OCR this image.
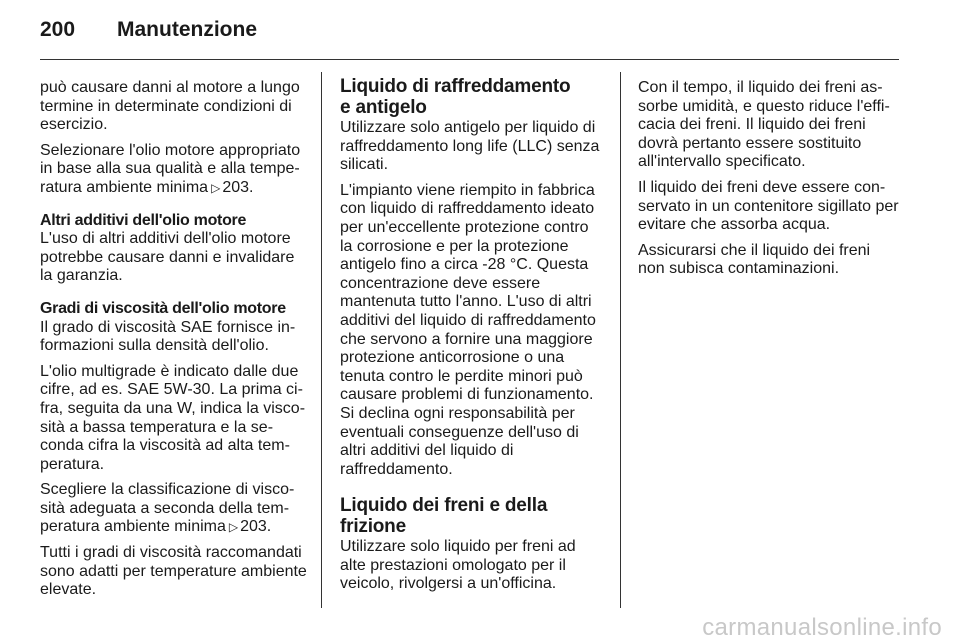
200 Manutenzione

può causare danni al motore a lungo termine in determinate condizioni di esercizio.

Selezionare l'olio motore appropriato in base alla sua qualità e alla temperatura ambiente minima ▷ 203.

Altri additivi dell'olio motore
L'uso di altri additivi dell'olio motore potrebbe causare danni e invalidare la garanzia.

Gradi di viscosità dell'olio motore
Il grado di viscosità SAE fornisce informazioni sulla densità dell'olio.

L'olio multigrade è indicato dalle due cifre, ad es. SAE 5W-30. La prima cifra, seguita da una W, indica la viscosità a bassa temperatura e la seconda cifra la viscosità ad alta temperatura.

Scegliere la classificazione di viscosità adeguata a seconda della temperatura ambiente minima ▷ 203.

Tutti i gradi di viscosità raccomandati sono adatti per temperature ambiente elevate.

Liquido di raffreddamento
e antigelo

Utilizzare solo antigelo per liquido di raffreddamento long life (LLC) senza silicati.

L'impianto viene riempito in fabbrica con liquido di raffreddamento ideato per un'eccellente protezione contro la corrosione e per la protezione antigelo fino a circa -28 °C. Questa concentrazione deve essere mantenuta tutto l'anno. L'uso di altri additivi del liquido di raffreddamento che servono a fornire una maggiore protezione anticorrosione o una tenuta contro le perdite minori può causare problemi di funzionamento. Si declina ogni responsabilità per eventuali conseguenze dell'uso di altri additivi del liquido di raffreddamento.

Liquido dei freni e della frizione

Utilizzare solo liquido per freni ad alte prestazioni omologato per il veicolo, rivolgersi a un'officina.

Con il tempo, il liquido dei freni assorbe umidità, e questo riduce l'efficacia dei freni. Il liquido dei freni dovrà pertanto essere sostituito all'intervallo specificato.

Il liquido dei freni deve essere conservato in un contenitore sigillato per evitare che assorba acqua.

Assicurarsi che il liquido dei freni non subisca contaminazioni.

carmanualsonline.info
